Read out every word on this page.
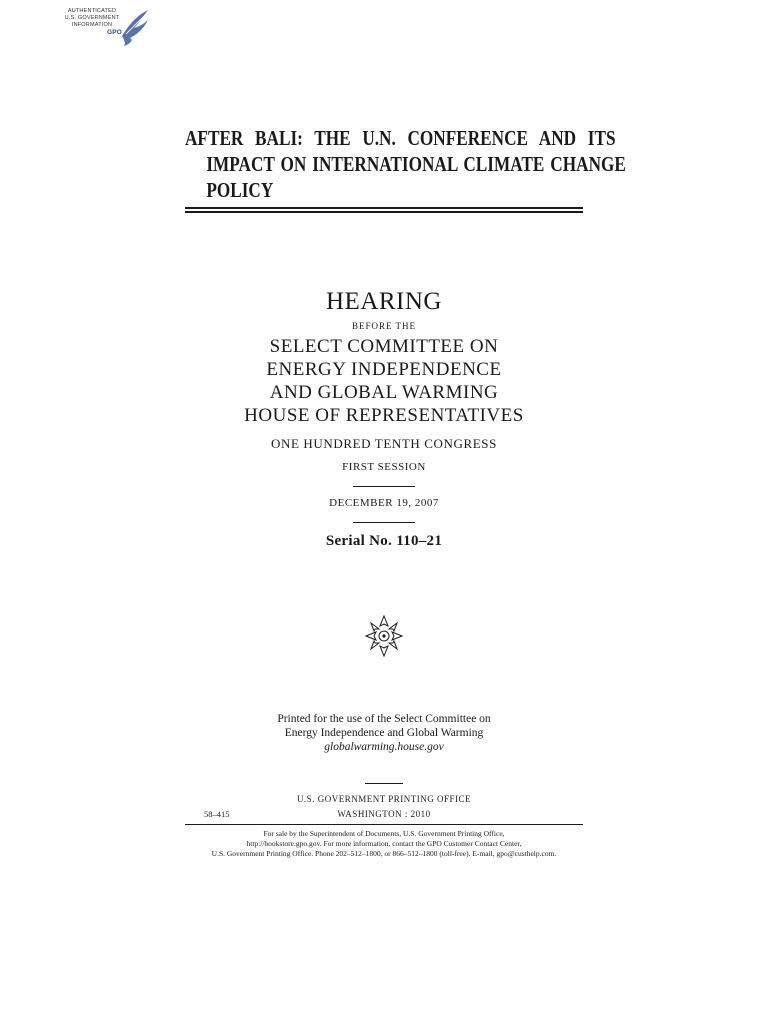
AUTHENTICATED
U.S. GOVERNMENT
INFORMATION
GPO
AFTER BALI: THE U.N. CONFERENCE AND ITS
IMPACT ON INTERNATIONAL CLIMATE CHANGE
POLICY
HEARING
BEFORE THE
SELECT COMMITTEE ON
ENERGY INDEPENDENCE
AND GLOBAL WARMING
HOUSE OF REPRESENTATIVES
ONE HUNDRED TENTH CONGRESS
FIRST SESSION
DECEMBER 19, 2007
Serial No. 110–21
Printed for the use of the Select Committee on
Energy Independence and Global Warming
globalwarming.house.gov
U.S. GOVERNMENT PRINTING OFFICE
58–415	WASHINGTON : 2010
For sale by the Superintendent of Documents, U.S. Government Printing Office,
http://bookstore.gpo.gov. For more information, contact the GPO Customer Contact Center,
U.S. Government Printing Office. Phone 202–512–1800, or 866–512–1800 (toll-free). E-mail, gpo@custhelp.com.
